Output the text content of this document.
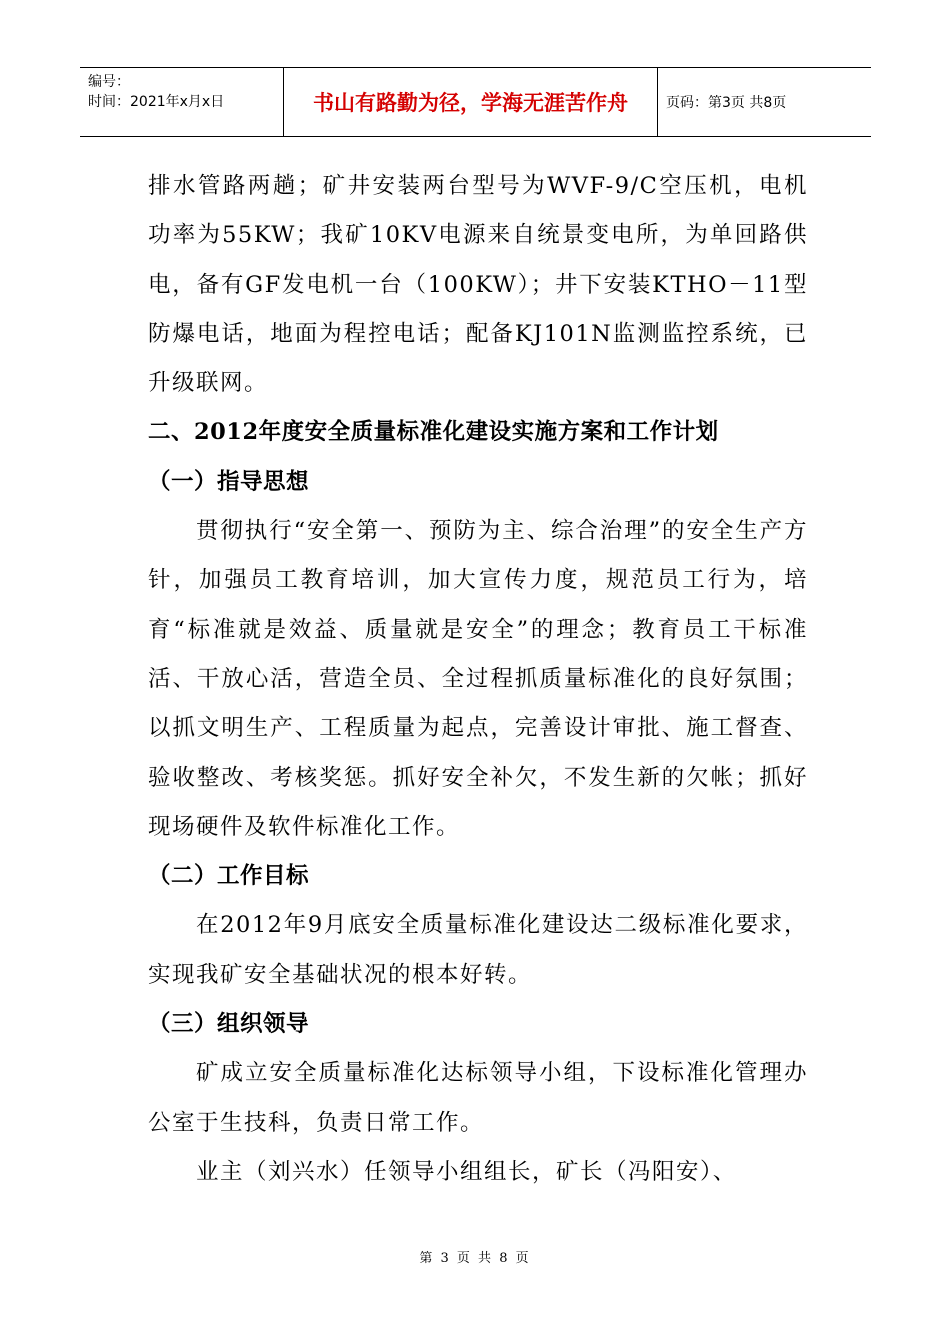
编号：
时间：2021年x月x日	书山有路勤为径，学海无涯苦作舟	页码：第3页 共8页

排水管路两趟；矿井安装两台型号为WVF-9/C空压机，电机功率为55KW；我矿10KV电源来自统景变电所，为单回路供电，备有GF发电机一台（100KW）；井下安装KTHO－11型防爆电话，地面为程控电话；配备KJ101N监测监控系统，已升级联网。

二、2012年度安全质量标准化建设实施方案和工作计划

（一）指导思想

贯彻执行“安全第一、预防为主、综合治理”的安全生产方针，加强员工教育培训，加大宣传力度，规范员工行为，培育“标准就是效益、质量就是安全”的理念；教育员工干标准活、干放心活，营造全员、全过程抓质量标准化的良好氛围；以抓文明生产、工程质量为起点，完善设计审批、施工督查、验收整改、考核奖惩。抓好安全补欠，不发生新的欠帐；抓好现场硬件及软件标准化工作。

（二）工作目标

在2012年9月底安全质量标准化建设达二级标准化要求，实现我矿安全基础状况的根本好转。

（三）组织领导

矿成立安全质量标准化达标领导小组，下设标准化管理办公室于生技科，负责日常工作。

业主（刘兴水）任领导小组组长，矿长（冯阳安）、

第 3 页 共 8 页
